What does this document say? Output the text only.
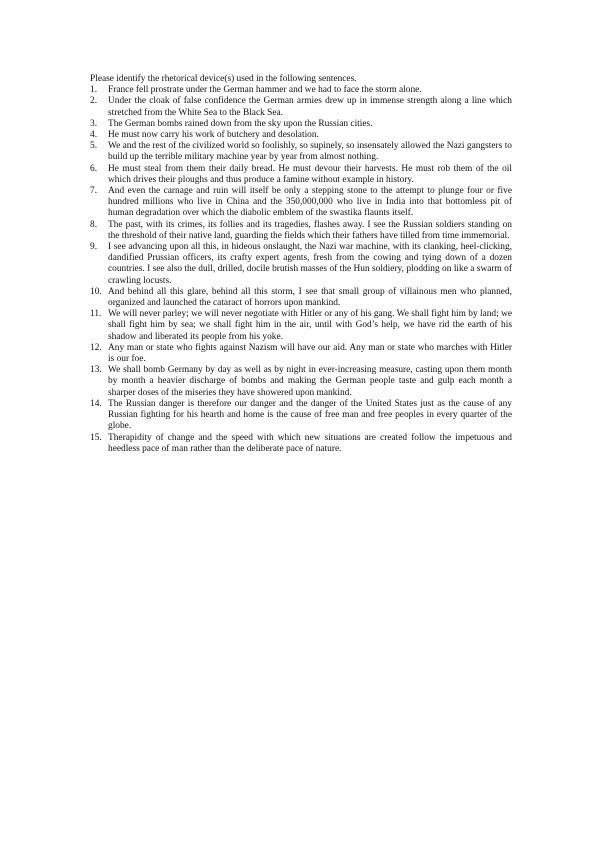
Please identify the rhetorical device(s) used in the following sentences.

1.	France fell prostrate under the German hammer and we had to face the storm alone.
2.	Under the cloak of false confidence the German armies drew up in immense strength along a line which stretched from the White Sea to the Black Sea.
3.	The German bombs rained down from the sky upon the Russian cities.
4.	He must now carry his work of butchery and desolation.
5.	We and the rest of the civilized world so foolishly, so supinely, so insensately allowed the Nazi gangsters to build up the terrible military machine year by year from almost nothing.
6.	He must steal from them their daily bread. He must devour their harvests. He must rob them of the oil which drives their ploughs and thus produce a famine without example in history.
7.	And even the carnage and ruin will itself be only a stepping stone to the attempt to plunge four or five hundred millions who live in China and the 350,000,000 who live in India into that bottomless pit of human degradation over which the diabolic emblem of the swastika flaunts itself.
8.	The past, with its crimes, its follies and its tragedies, flashes away. I see the Russian soldiers standing on the threshold of their native land, guarding the fields which their fathers have tilled from time immemorial.
9.	I see advancing upon all this, in hideous onslaught, the Nazi war machine, with its clanking, heel-clicking, dandified Prussian officers, its crafty expert agents, fresh from the cowing and tying down of a dozen countries. I see also the dull, drilled, docile brutish masses of the Hun soldiery, plodding on like a swarm of crawling locusts.
10. And behind all this glare, behind all this storm, I see that small group of villainous men who planned, organized and launched the cataract of horrors upon mankind.
11. We will never parley; we will never negotiate with Hitler or any of his gang. We shall fight him by land; we shall fight him by sea; we shall fight him in the air, until with God’s help, we have rid the earth of his shadow and liberated its people from his yoke.
12. Any man or state who fights against Nazism will have our aid. Any man or state who marches with Hitler is our foe.
13. We shall bomb Germany by day as well as by night in ever-increasing measure, casting upon them month by month a heavier discharge of bombs and making the German people taste and gulp each month a sharper doses of the miseries they have showered upon mankind.
14. The Russian danger is therefore our danger and the danger of the United States just as the cause of any Russian fighting for his hearth and home is the cause of free man and free peoples in every quarter of the globe.
15. Therapidity of change and the speed with which new situations are created follow the impetuous and heedless pace of man rather than the deliberate pace of nature.
